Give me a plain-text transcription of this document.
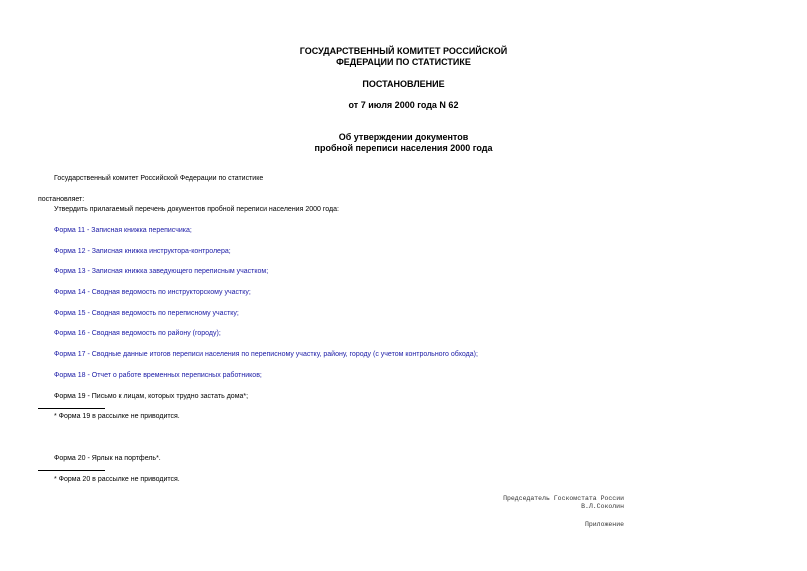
ГОСУДАРСТВЕННЫЙ КОМИТЕТ РОССИЙСКОЙ
ФЕДЕРАЦИИ ПО СТАТИСТИКЕ
ПОСТАНОВЛЕНИЕ
от 7 июля 2000 года N 62
Об утверждении документов
пробной переписи населения 2000 года
Государственный комитет Российской Федерации по статистике
постановляет:
Утвердить прилагаемый перечень документов пробной переписи населения 2000 года:
Форма 11 - Записная книжка переписчика;
Форма 12 - Записная книжка инструктора-контролера;
Форма 13 - Записная книжка заведующего переписным участком;
Форма 14 - Сводная ведомость по инструкторскому участку;
Форма 15 - Сводная ведомость по переписному участку;
Форма 16 - Сводная ведомость по району (городу);
Форма 17 - Сводные данные итогов переписи населения по переписному участку, району, городу (с учетом контрольного обхода);
Форма 18 - Отчет о работе временных переписных работников;
Форма 19 - Письмо к лицам, которых трудно застать дома*;
* Форма 19 в рассылке не приводится.
Форма 20 - Ярлык на портфель*.
* Форма 20 в рассылке не приводится.
Председатель Госкомстата России
В.Л.Соколин
Приложение
